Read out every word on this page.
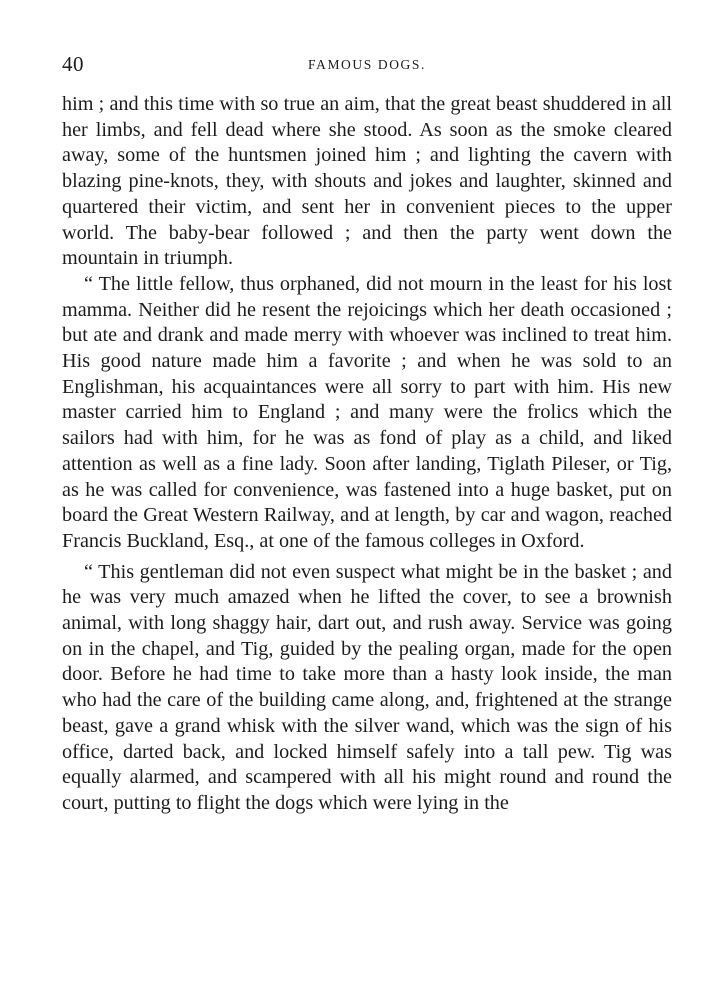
40	FAMOUS DOGS.

him ; and this time with so true an aim, that the great beast shuddered in all her limbs, and fell dead where she stood. As soon as the smoke cleared away, some of the huntsmen joined him ; and lighting the cavern with blazing pine-knots, they, with shouts and jokes and laughter, skinned and quartered their victim, and sent her in convenient pieces to the upper world. The baby-bear followed ; and then the party went down the mountain in triumph.

“ The little fellow, thus orphaned, did not mourn in the least for his lost mamma. Neither did he resent the rejoicings which her death occasioned ; but ate and drank and made merry with whoever was inclined to treat him. His good nature made him a favorite ; and when he was sold to an Englishman, his acquaintances were all sorry to part with him. His new master carried him to England ; and many were the frolics which the sailors had with him, for he was as fond of play as a child, and liked attention as well as a fine lady. Soon after landing, Tiglath Pileser, or Tig, as he was called for convenience, was fastened into a huge basket, put on board the Great Western Railway, and at length, by car and wagon, reached Francis Buckland, Esq., at one of the famous colleges in Oxford.

“ This gentleman did not even suspect what might be in the basket ; and he was very much amazed when he lifted the cover, to see a brownish animal, with long shaggy hair, dart out, and rush away. Service was going on in the chapel, and Tig, guided by the pealing organ, made for the open door. Before he had time to take more than a hasty look inside, the man who had the care of the building came along, and, frightened at the strange beast, gave a grand whisk with the silver wand, which was the sign of his office, darted back, and locked himself safely into a tall pew. Tig was equally alarmed, and scampered with all his might round and round the court, putting to flight the dogs which were lying in the
